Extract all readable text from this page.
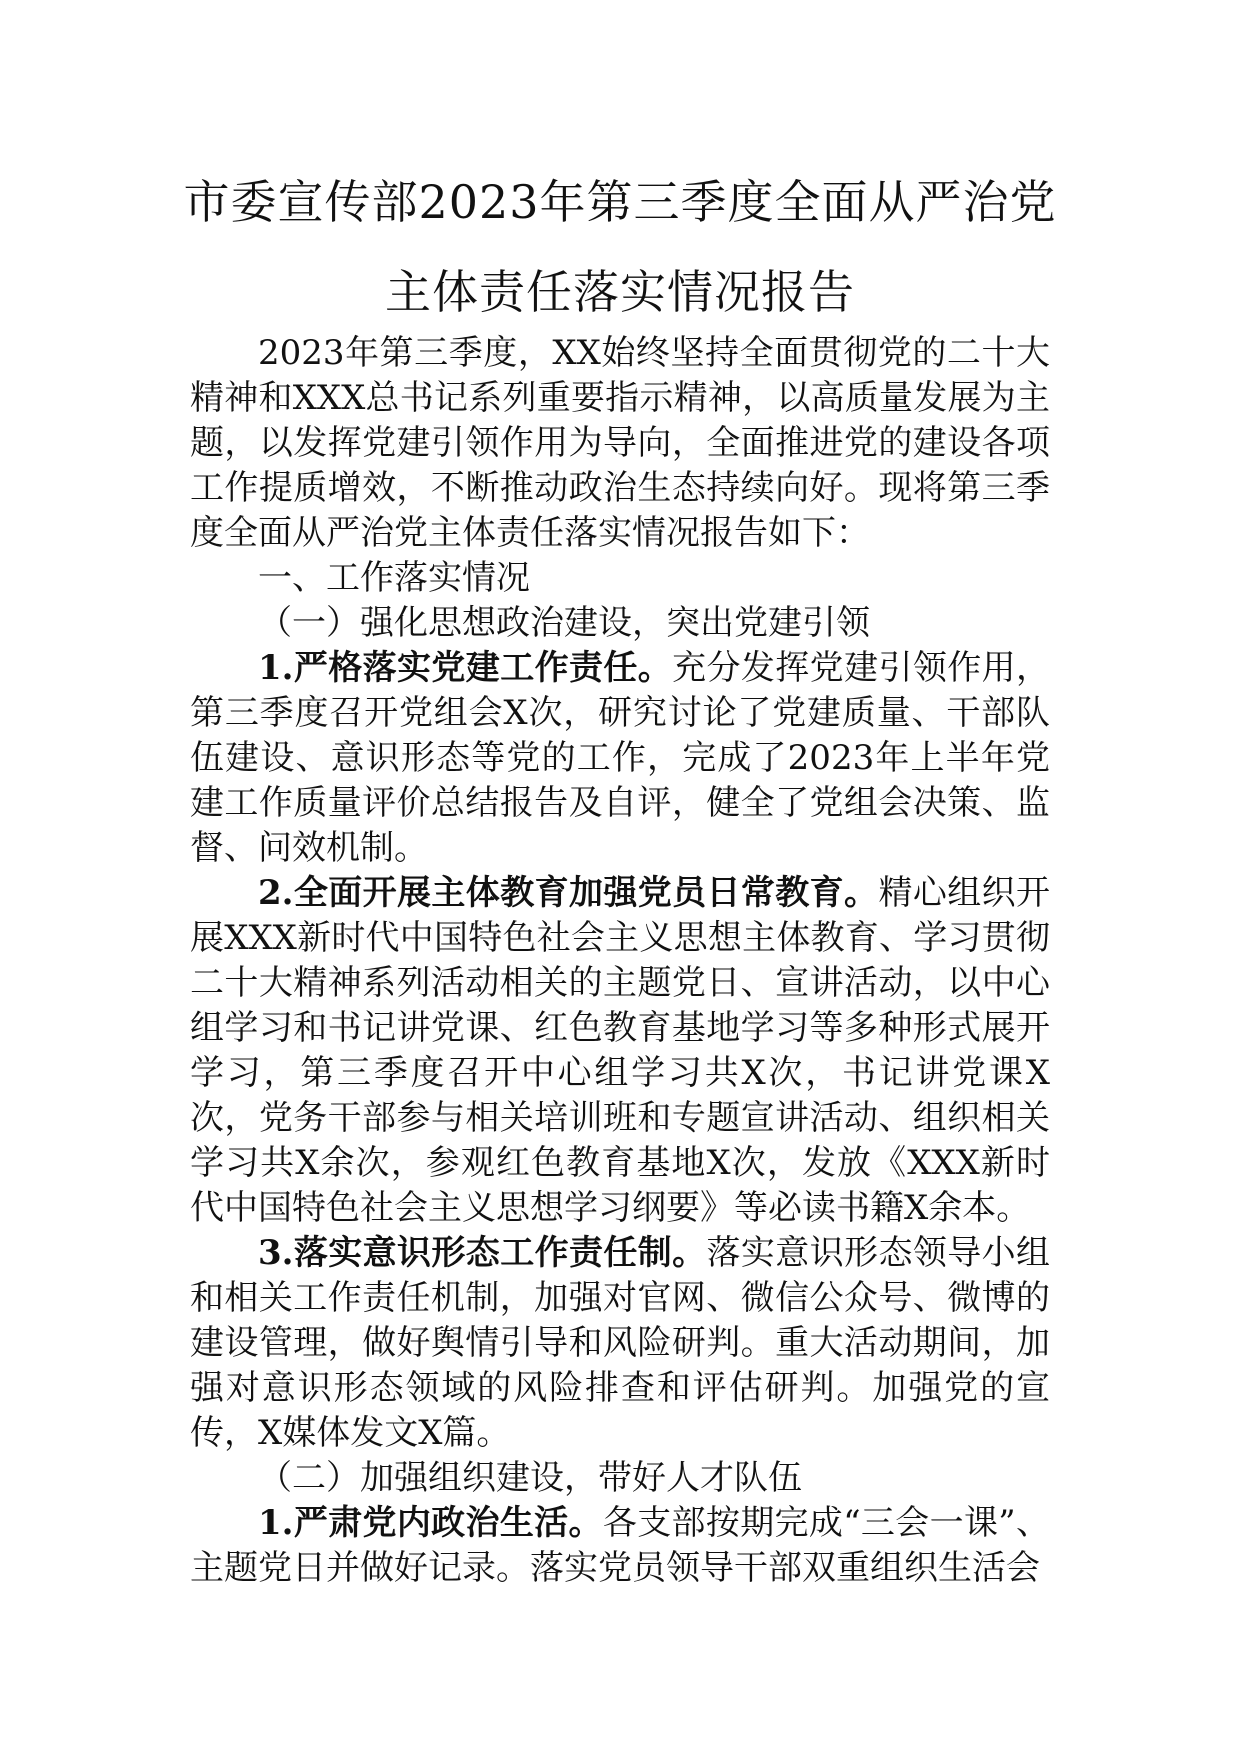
市委宣传部2023年第三季度全面从严治党
主体责任落实情况报告

2023年第三季度，XX始终坚持全面贯彻党的二十大精神和XXX总书记系列重要指示精神，以高质量发展为主题，以发挥党建引领作用为导向，全面推进党的建设各项工作提质增效，不断推动政治生态持续向好。现将第三季度全面从严治党主体责任落实情况报告如下：

一、工作落实情况

（一）强化思想政治建设，突出党建引领

1.严格落实党建工作责任。充分发挥党建引领作用，第三季度召开党组会X次，研究讨论了党建质量、干部队伍建设、意识形态等党的工作，完成了2023年上半年党建工作质量评价总结报告及自评，健全了党组会决策、监督、问效机制。

2.全面开展主体教育加强党员日常教育。精心组织开展XXX新时代中国特色社会主义思想主体教育、学习贯彻二十大精神系列活动相关的主题党日、宣讲活动，以中心组学习和书记讲党课、红色教育基地学习等多种形式展开学习，第三季度召开中心组学习共X次，书记讲党课X次，党务干部参与相关培训班和专题宣讲活动、组织相关学习共X余次，参观红色教育基地X次，发放《XXX新时代中国特色社会主义思想学习纲要》等必读书籍X余本。

3.落实意识形态工作责任制。落实意识形态领导小组和相关工作责任机制，加强对官网、微信公众号、微博的建设管理，做好舆情引导和风险研判。重大活动期间，加强对意识形态领域的风险排查和评估研判。加强党的宣传，X媒体发文X篇。

（二）加强组织建设，带好人才队伍

1.严肃党内政治生活。各支部按期完成“三会一课”、主题党日并做好记录。落实党员领导干部双重组织生活会
